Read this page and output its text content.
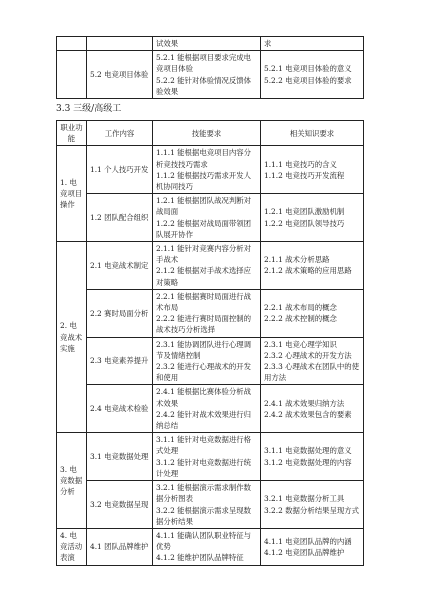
		试效果	求
	5.2 电竞项目体验	5.2.1 能根据项目要求完成电竞项目体验
5.2.2 能针对体验情况反馈体验效果	5.2.1 电竞项目体验的意义
5.2.2 电竞项目体验的要求
3.3 三级/高级工
职业功能	工作内容	技能要求	相关知识要求
1. 电竞项目操作	1.1 个人技巧开发	1.1.1 能根据电竞项目内容分析竞技技巧需求
1.1.2 能根据技巧需求开发人机协同技巧	1.1.1 电竞技巧的含义
1.1.2 电竞技巧开发流程

	1.2 团队配合组织	1.2.1 能根据团队战况判断对战局面
1.2.2 能根据对战局面带领团队展开协作	1.2.1 电竞团队激励机制
1.2.2 电竞团队领导技巧

2. 电竞战术实施	2.1 电竞战术制定	2.1.1 能针对竞赛内容分析对手战术
2.1.2 能根据对手战术选择应对策略	2.1.1 战术分析思路
2.1.2 战术策略的应用思路

	2.2 赛时局面分析	2.2.1 能根据赛时局面进行战术布局
2.2.2 能进行赛时局面控制的战术技巧分析选择	2.2.1 战术布局的概念
2.2.2 战术控制的概念

	2.3 电竞素养提升	2.3.1 能协调团队进行心理调节及情绪控制
2.3.2 能进行心理战术的开发和使用	2.3.1 电竞心理学知识
2.3.2 心理战术的开发方法
2.3.3 心理战术在团队中的使用方法

	2.4 电竞战术检验	2.4.1 能根据比赛体验分析战术效果
2.4.2 能针对战术效果进行归纳总结	2.4.1 战术效果归纳方法
2.4.2 战术效果包含的要素

3. 电竞数据分析	3.1 电竞数据处理	3.1.1 能针对电竞数据进行格式处理
3.1.2 能针对电竞数据进行统计处理	3.1.1 电竞数据处理的意义
3.1.2 电竞数据处理的内容

	3.2 电竞数据呈现	3.2.1 能根据演示需求制作数据分析图表
3.2.2 能根据演示需求呈现数据分析结果	3.2.1 电竞数据分析工具
3.2.2 数据分析结果呈现方式

4. 电竞活动表演	4.1 团队品牌维护	4.1.1 能确认团队职业特征与优势
4.1.2 能维护团队品牌特征	4.1.1 电竞团队品牌的内涵
4.1.2 电竞团队品牌维护
